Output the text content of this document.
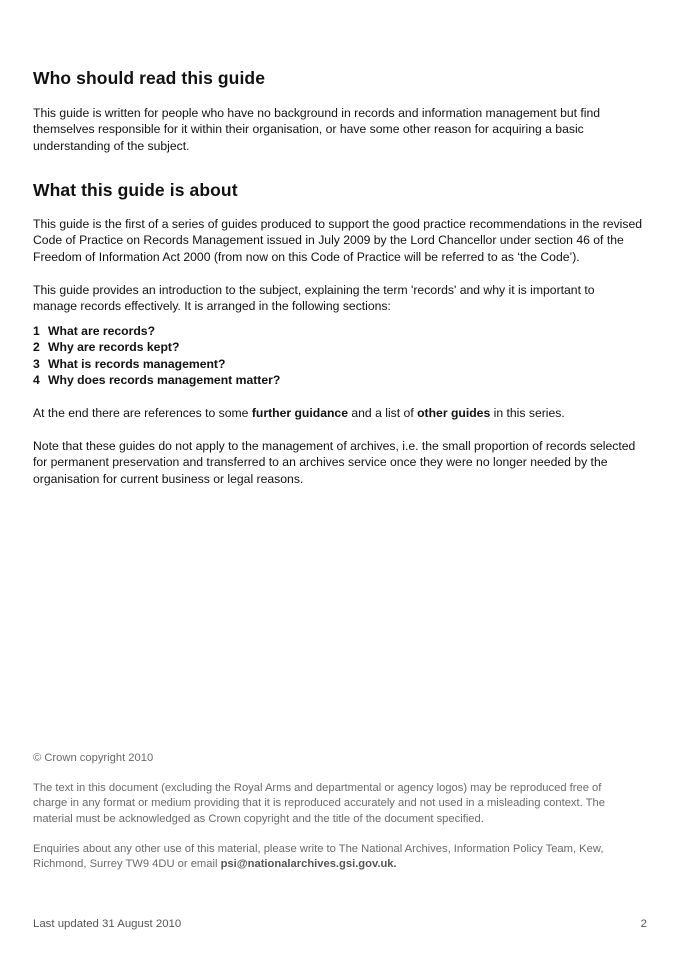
Who should read this guide

This guide is written for people who have no background in records and information management but find themselves responsible for it within their organisation, or have some other reason for acquiring a basic understanding of the subject.

What this guide is about

This guide is the first of a series of guides produced to support the good practice recommendations in the revised Code of Practice on Records Management issued in July 2009 by the Lord Chancellor under section 46 of the Freedom of Information Act 2000 (from now on this Code of Practice will be referred to as ‘the Code’).

This guide provides an introduction to the subject, explaining the term 'records' and why it is important to manage records effectively. It is arranged in the following sections:

1 What are records?
2 Why are records kept?
3 What is records management?
4 Why does records management matter?

At the end there are references to some further guidance and a list of other guides in this series.

Note that these guides do not apply to the management of archives, i.e. the small proportion of records selected for permanent preservation and transferred to an archives service once they were no longer needed by the organisation for current business or legal reasons.

© Crown copyright 2010

The text in this document (excluding the Royal Arms and departmental or agency logos) may be reproduced free of charge in any format or medium providing that it is reproduced accurately and not used in a misleading context. The material must be acknowledged as Crown copyright and the title of the document specified.

Enquiries about any other use of this material, please write to The National Archives, Information Policy Team, Kew, Richmond, Surrey TW9 4DU or email psi@nationalarchives.gsi.gov.uk.

Last updated 31 August 2010	2
